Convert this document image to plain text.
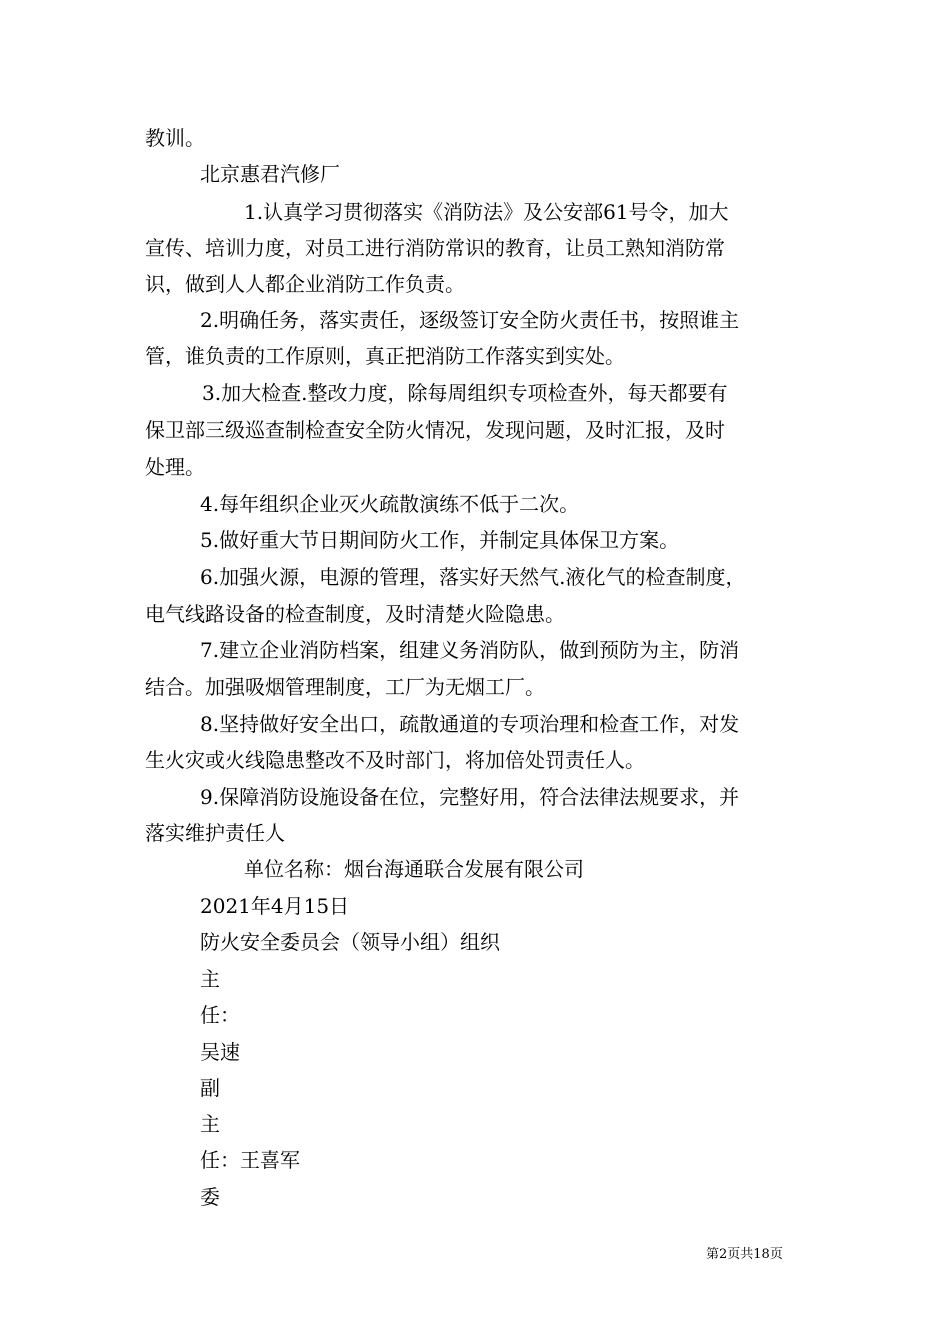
教训。
北京惠君汽修厂
1.认真学习贯彻落实《消防法》及公安部61号令，加大
宣传、培训力度，对员工进行消防常识的教育，让员工熟知消防常
识，做到人人都企业消防工作负责。
2.明确任务，落实责任，逐级签订安全防火责任书，按照谁主
管，谁负责的工作原则，真正把消防工作落实到实处。
3.加大检查.整改力度，除每周组织专项检查外，每天都要有
保卫部三级巡查制检查安全防火情况，发现问题，及时汇报，及时
处理。
4.每年组织企业灭火疏散演练不低于二次。
5.做好重大节日期间防火工作，并制定具体保卫方案。
6.加强火源，电源的管理，落实好天然气.液化气的检查制度，
电气线路设备的检查制度，及时清楚火险隐患。
7.建立企业消防档案，组建义务消防队，做到预防为主，防消
结合。加强吸烟管理制度，工厂为无烟工厂。
8.坚持做好安全出口，疏散通道的专项治理和检查工作，对发
生火灾或火线隐患整改不及时部门，将加倍处罚责任人。
9.保障消防设施设备在位，完整好用，符合法律法规要求，并
落实维护责任人
单位名称：烟台海通联合发展有限公司
2021年4月15日
防火安全委员会（领导小组）组织
主
任：
吴速
副
主
任：王喜军
委
第2页共18页
